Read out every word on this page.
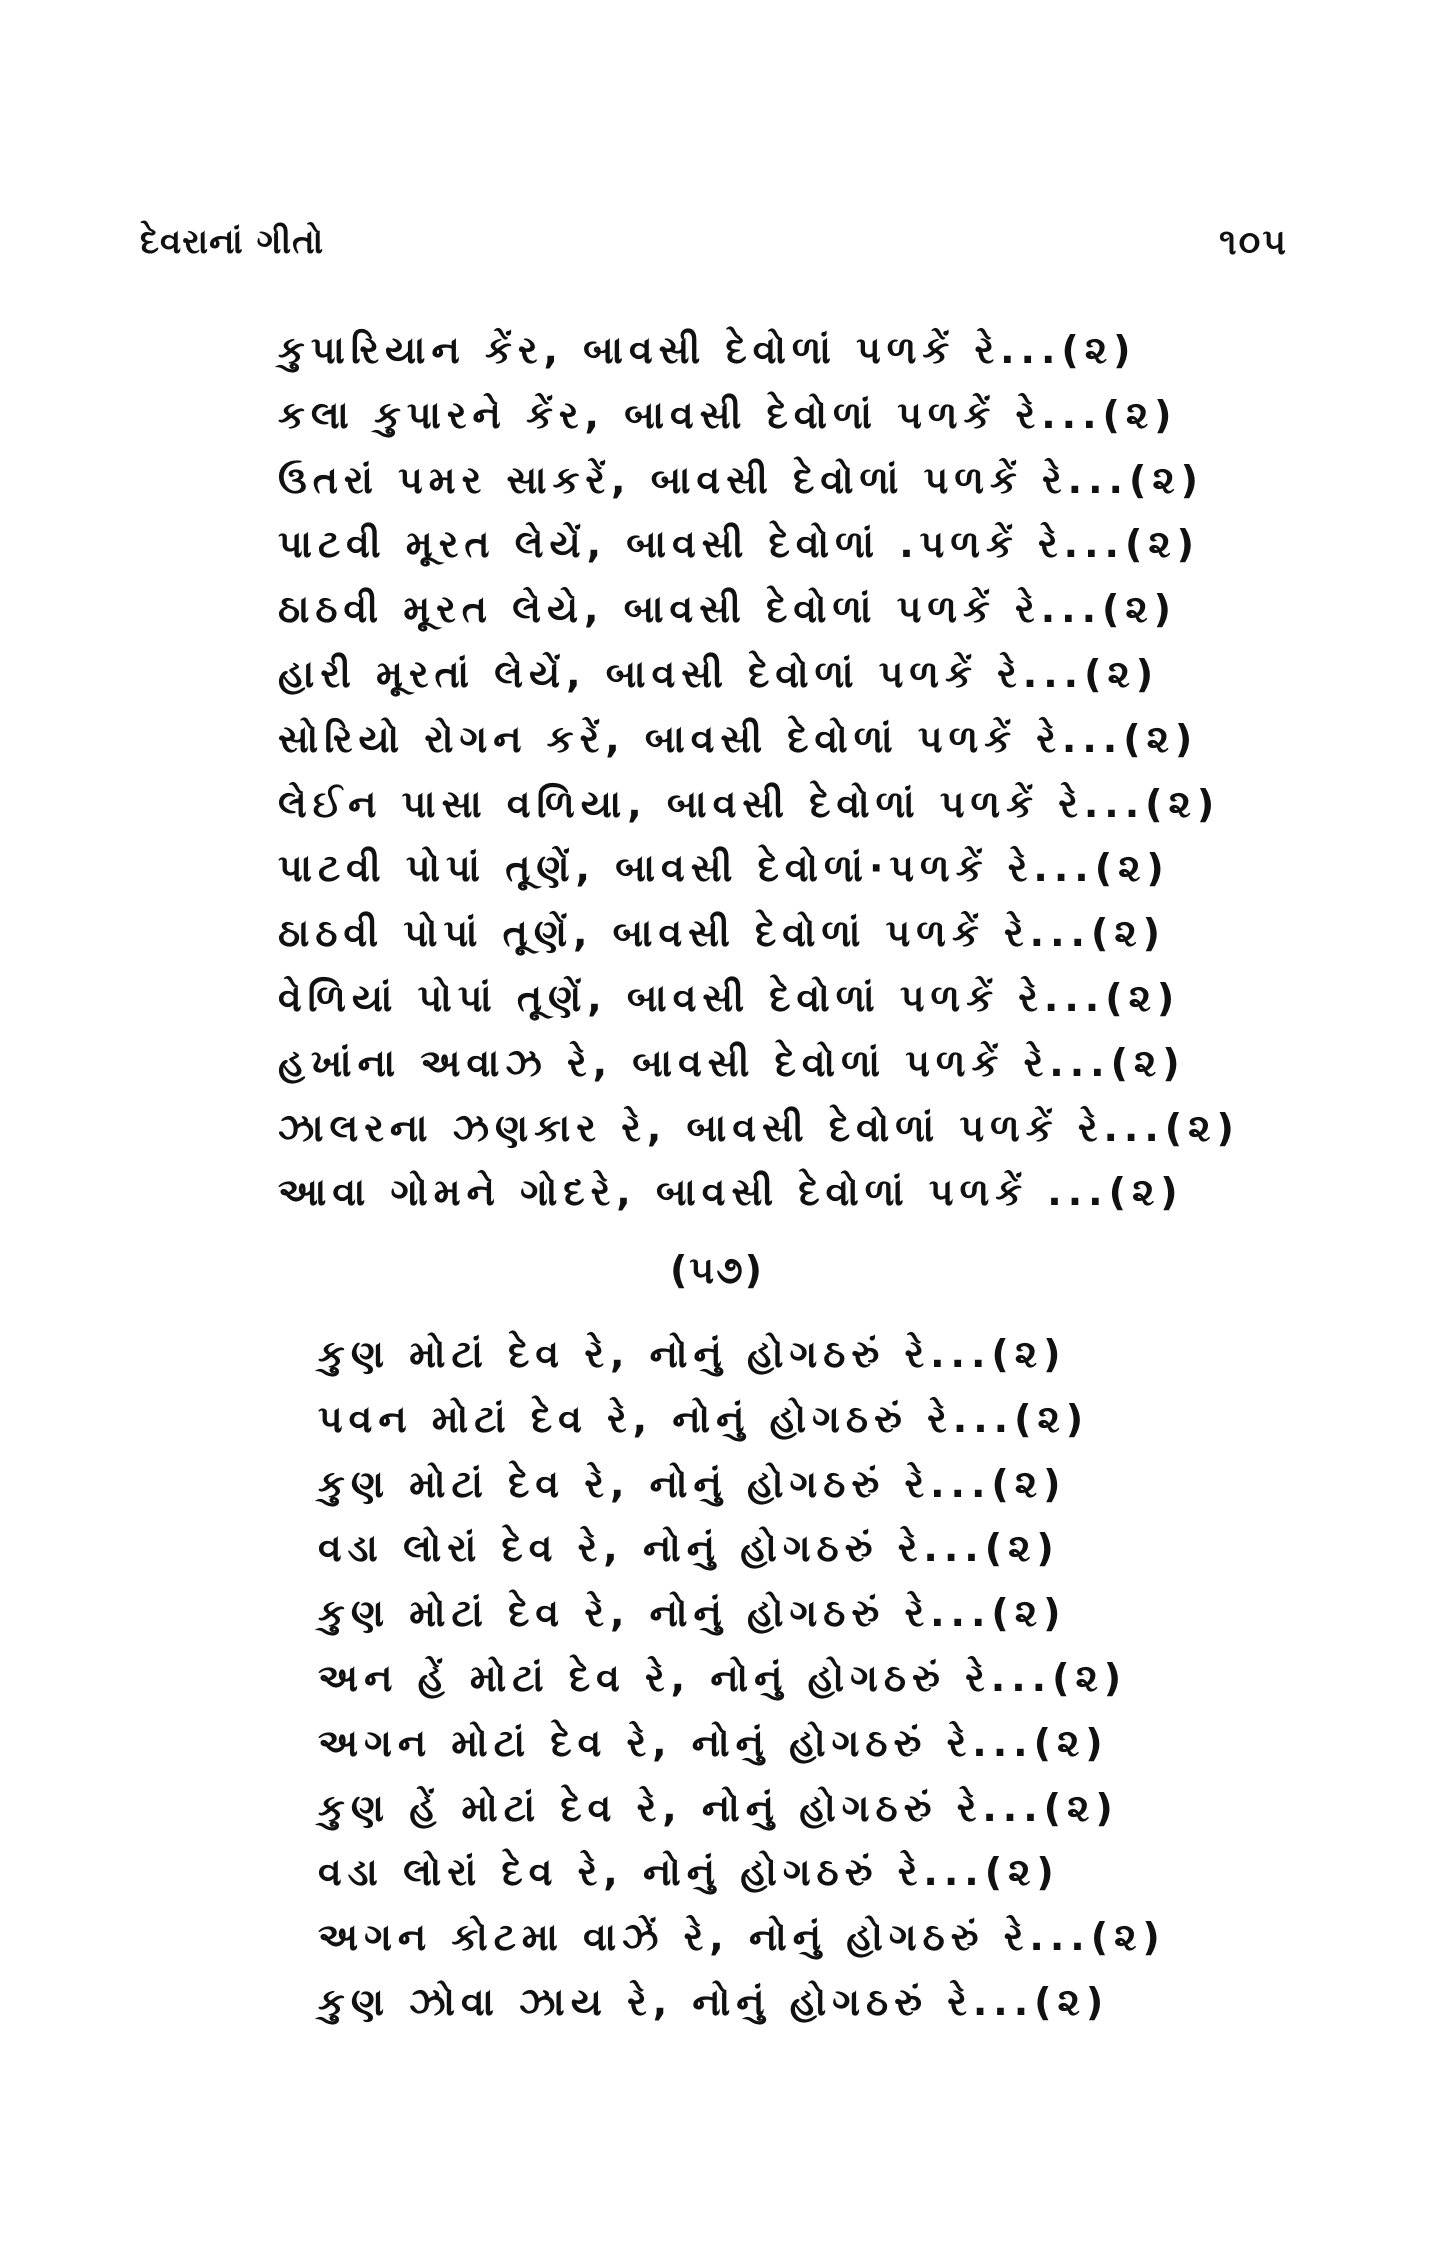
દેવરાનાં ગીતો	૧૦૫
કુપારિયાન કેંર, બાવસી દેવોળાં પળકેં રે...(૨)
કલા કુપારને કેંર, બાવસી દેવોળાં પળકેં રે...(૨)
ઉતરાં પમર સાકરેં, બાવસી દેવોળાં પળકેં રે...(૨)
પાટવી મૂરત લેયેં, બાવસી દેવોળાં .પળકેં રે...(૨)
ઠાઠવી મૂરત લેયે, બાવસી દેવોળાં પળકેં રે...(૨)
હારી મૂરતાં લેયેં, બાવસી દેવોળાં પળકેં રે...(૨)
સોરિયો રોગન કરેં, બાવસી દેવોળાં પળકેં રે...(૨)
લેઈન પાસા વળિયા, બાવસી દેવોળાં પળકેં રે...(૨)
પાટવી પોપાં તૂણેં, બાવસી દેવોળાં·પળકેં રે...(૨)
ઠાઠવી પોપાં તૂણેં, બાવસી દેવોળાં પળકેં રે...(૨)
વેળિયાં પોપાં તૂણેં, બાવસી દેવોળાં પળકેં રે...(૨)
હખાંના અવાઝ રે, બાવસી દેવોળાં પળકેં રે...(૨)
ઝાલરના ઝણકાર રે, બાવસી દેવોળાં પળકેં રે...(૨)
આવા ગોમને ગોદરે, બાવસી દેવોળાં પળકેં ...(૨)
(૫૭)
કુણ મોટાં દેવ રે, નોનું હોગઠરું રે...(૨)
પવન મોટાં દેવ રે, નોનું હોગઠરું રે...(૨)
કુણ મોટાં દેવ રે, નોનું હોગઠરું રે...(૨)
વડા લોરાં દેવ રે, નોનું હોગઠરું રે...(૨)
કુણ મોટાં દેવ રે, નોનું હોગઠરું રે...(૨)
અન હેં મોટાં દેવ રે, નોનું હોગઠરું રે...(૨)
અગન મોટાં દેવ રે, નોનું હોગઠરું રે...(૨)
કુણ હેં મોટાં દેવ રે, નોનું હોગઠરું રે...(૨)
વડા લોરાં દેવ રે, નોનું હોગઠરું રે...(૨)
અગન કોટમા વાઝેં રે, નોનું હોગઠરું રે...(૨)
કુણ ઝોવા ઝાય રે, નોનું હોગઠરું રે...(૨)
